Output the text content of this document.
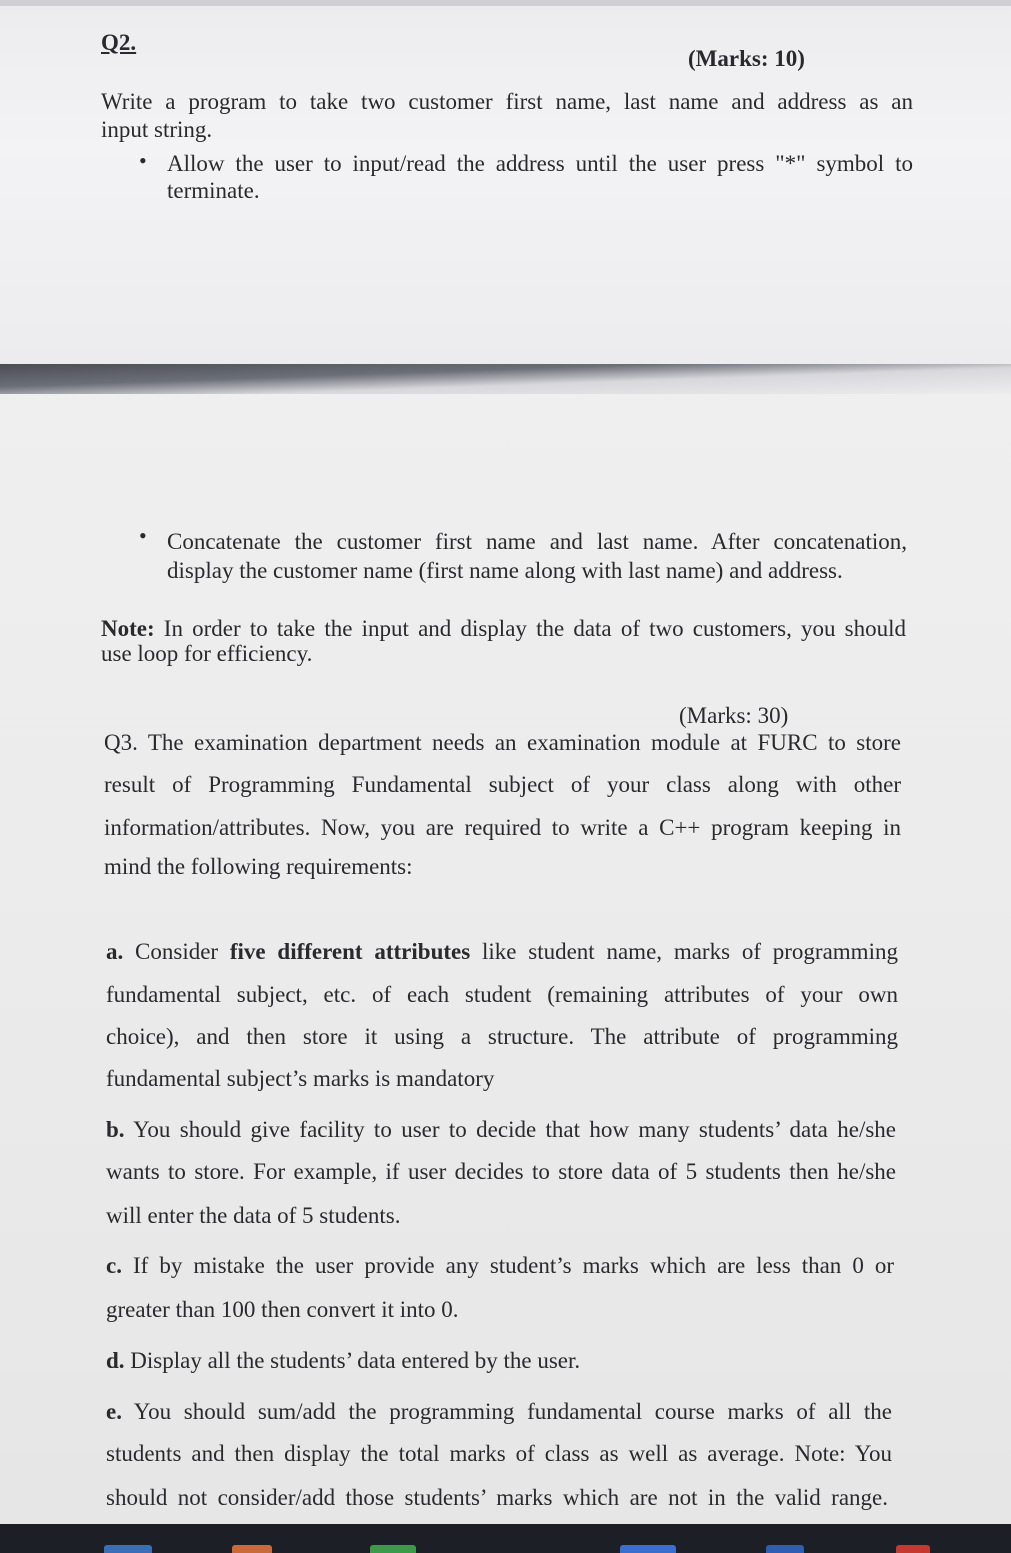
Q2.
(Marks: 10)
Write a program to take two customer first name, last name and address as an
input string.
• Allow the user to input/read the address until the user press "*" symbol to
terminate.
• Concatenate the customer first name and last name. After concatenation,
display the customer name (first name along with last name) and address.
Note: In order to take the input and display the data of two customers, you should
use loop for efficiency.
(Marks: 30)
Q3. The examination department needs an examination module at FURC to store
result of Programming Fundamental subject of your class along with other
information/attributes. Now, you are required to write a C++ program keeping in
mind the following requirements:
a. Consider five different attributes like student name, marks of programming
fundamental subject, etc. of each student (remaining attributes of your own
choice), and then store it using a structure. The attribute of programming
fundamental subject’s marks is mandatory
b. You should give facility to user to decide that how many students’ data he/she
wants to store. For example, if user decides to store data of 5 students then he/she
will enter the data of 5 students.
c. If by mistake the user provide any student’s marks which are less than 0 or
greater than 100 then convert it into 0.
d. Display all the students’ data entered by the user.
e. You should sum/add the programming fundamental course marks of all the
students and then display the total marks of class as well as average. Note: You
should not consider/add those students’ marks which are not in the valid range.
